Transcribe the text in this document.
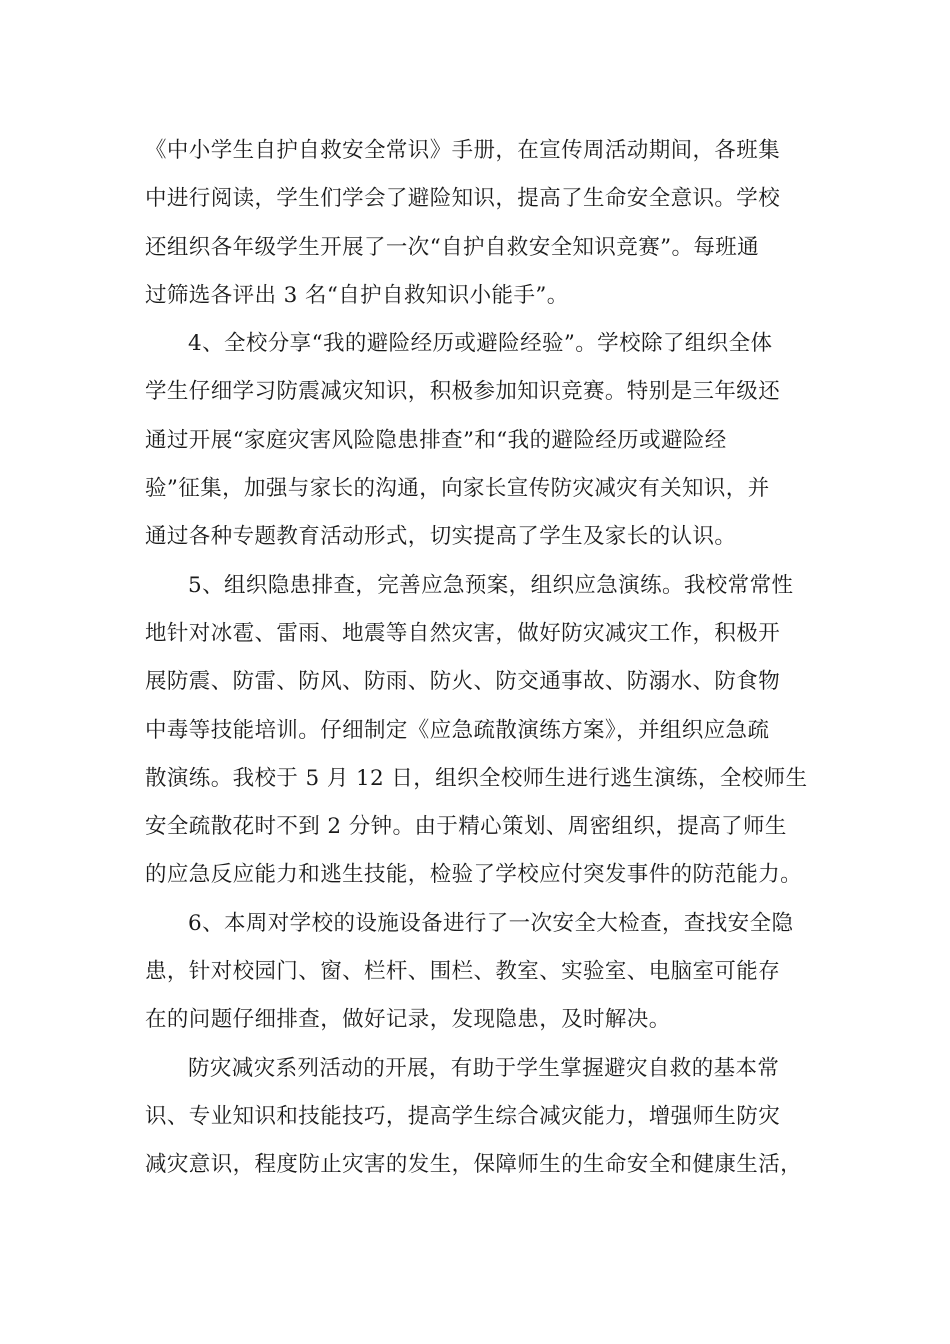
《中小学生自护自救安全常识》手册，在宣传周活动期间，各班集
中进行阅读，学生们学会了避险知识，提高了生命安全意识。学校
还组织各年级学生开展了一次“自护自救安全知识竞赛”。每班通
过筛选各评出 3 名“自护自救知识小能手”。
4、全校分享“我的避险经历或避险经验”。学校除了组织全体
学生仔细学习防震减灾知识，积极参加知识竞赛。特别是三年级还
通过开展“家庭灾害风险隐患排查”和“我的避险经历或避险经
验”征集，加强与家长的沟通，向家长宣传防灾减灾有关知识，并
通过各种专题教育活动形式，切实提高了学生及家长的认识。
5、组织隐患排查，完善应急预案，组织应急演练。我校常常性
地针对冰雹、雷雨、地震等自然灾害，做好防灾减灾工作，积极开
展防震、防雷、防风、防雨、防火、防交通事故、防溺水、防食物
中毒等技能培训。仔细制定《应急疏散演练方案》，并组织应急疏
散演练。我校于 5 月 12 日，组织全校师生进行逃生演练，全校师生
安全疏散花时不到 2 分钟。由于精心策划、周密组织，提高了师生
的应急反应能力和逃生技能，检验了学校应付突发事件的防范能力。
6、本周对学校的设施设备进行了一次安全大检查，查找安全隐
患，针对校园门、窗、栏杆、围栏、教室、实验室、电脑室可能存
在的问题仔细排查，做好记录，发现隐患，及时解决。
防灾减灾系列活动的开展，有助于学生掌握避灾自救的基本常
识、专业知识和技能技巧，提高学生综合减灾能力，增强师生防灾
减灾意识，程度防止灾害的发生，保障师生的生命安全和健康生活，
